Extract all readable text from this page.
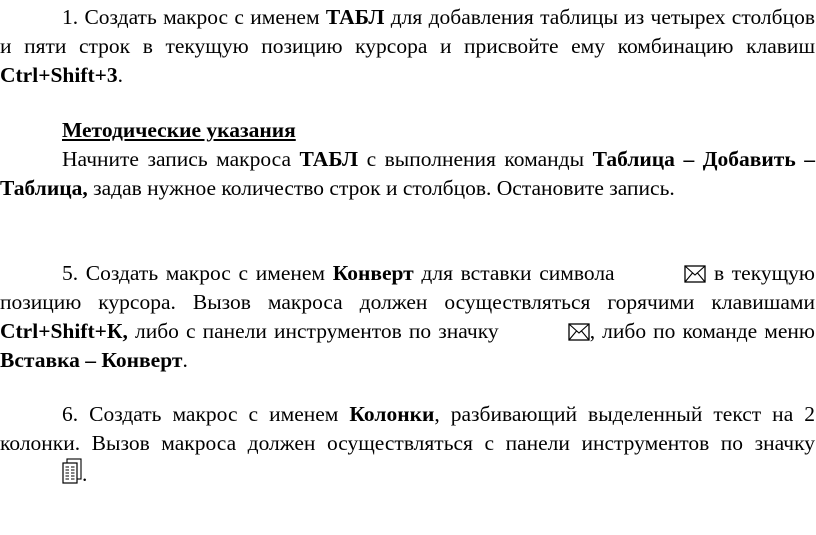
1. Создать макрос с именем ТАБЛ для добавления таблицы из четырех столбцов и пяти строк в текущую позицию курсора и присвойте ему комбинацию клавиш Ctrl+Shift+3.

Методические указания

Начните запись макроса ТАБЛ с выполнения команды Таблица – Добавить – Таблица, задав нужное количество строк и столбцов. Остановите запись.

5. Создать макрос с именем Конверт для вставки символа	в текущую позицию курсора. Вызов макроса должен осуществляться горячими клавишами Ctrl+Shift+К, либо с панели инструментов по значку	, либо по команде меню Вставка – Конверт.

6. Создать макрос с именем Колонки, разбивающий выделенный текст на 2 колонки. Вызов макроса должен осуществляться с панели инструментов по значку .
